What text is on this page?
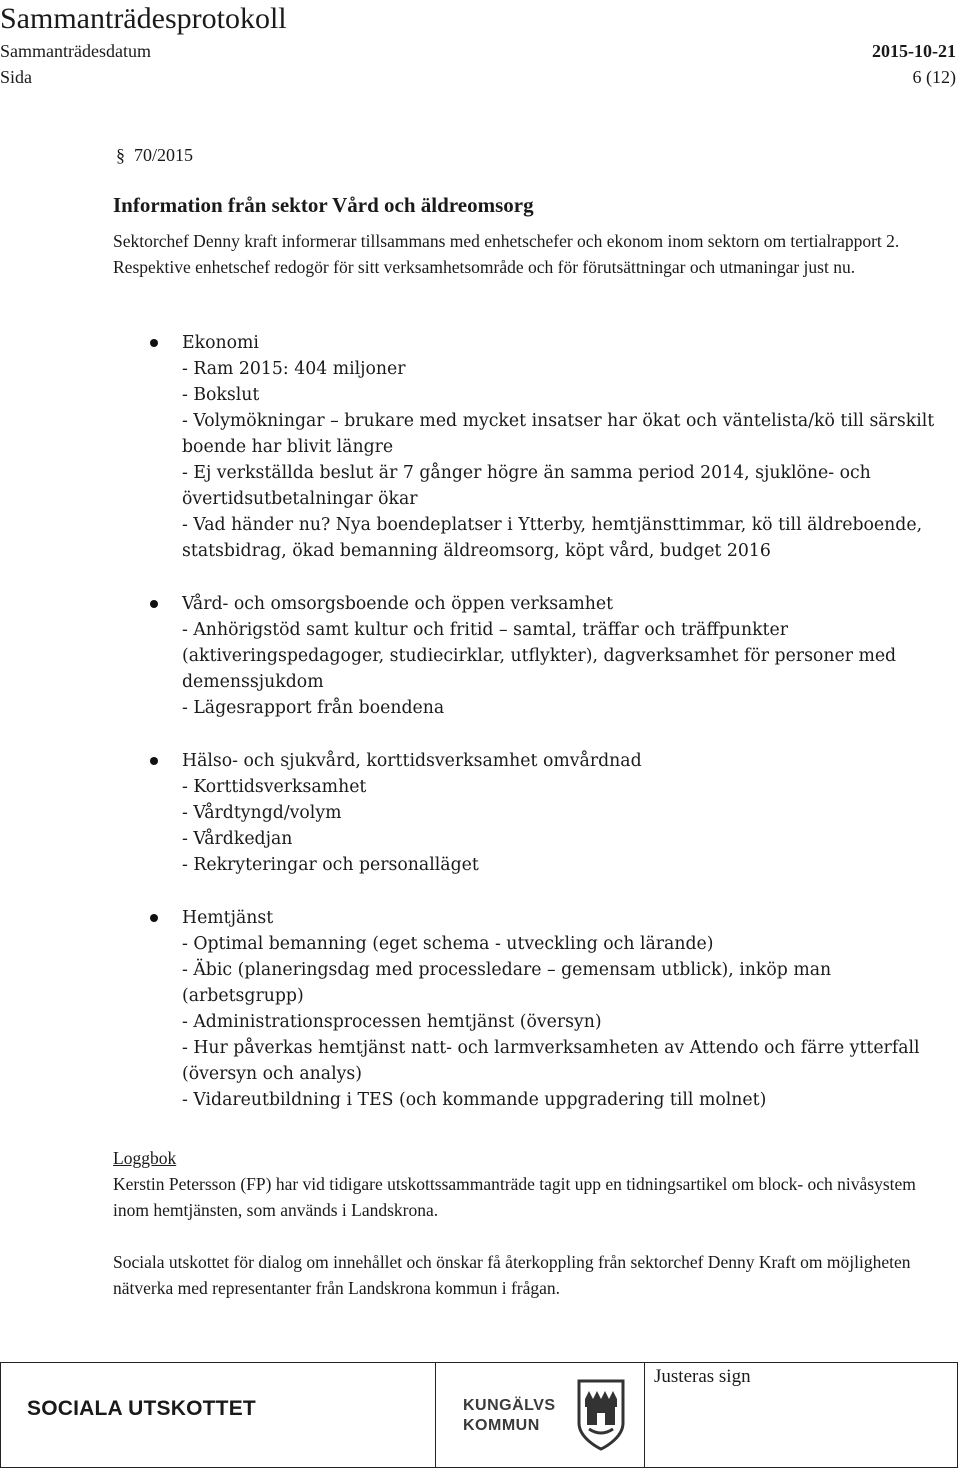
Sammanträdesprotokoll
Sammanträdesdatum	2015-10-21
Sida	6 (12)
§ 70/2015
Information från sektor Vård och äldreomsorg
Sektorchef Denny kraft informerar tillsammans med enhetschefer och ekonom inom sektorn om tertialrapport 2. Respektive enhetschef redogör för sitt verksamhetsområde och för förutsättningar och utmaningar just nu.
Ekonomi
- Ram 2015: 404 miljoner
- Bokslut
- Volymökningar – brukare med mycket insatser har ökat och väntelista/kö till särskilt boende har blivit längre
- Ej verkställda beslut är 7 gånger högre än samma period 2014, sjuklöne- och övertidsutbetalningar ökar
- Vad händer nu? Nya boendeplatser i Ytterby, hemtjänsttimmar, kö till äldreboende, statsbidrag, ökad bemanning äldreomsorg, köpt vård, budget 2016
Vård- och omsorgsboende och öppen verksamhet
- Anhörigstöd samt kultur och fritid – samtal, träffar och träffpunkter (aktiveringspedagoger, studiecirklar, utflykter), dagverksamhet för personer med demenssjukdom
- Lägesrapport från boendena
Hälso- och sjukvård, korttidsverksamhet omvårdnad
- Korttidsverksamhet
- Vårdtyngd/volym
- Vårdkedjan
- Rekryteringar och personalläget
Hemtjänst
- Optimal bemanning (eget schema - utveckling och lärande)
- Äbic (planeringsdag med processledare – gemensam utblick), inköp man (arbetsgrupp)
- Administrationsprocessen hemtjänst (översyn)
- Hur påverkas hemtjänst natt- och larmverksamheten av Attendo och färre ytterfall (översyn och analys)
- Vidareutbildning i TES (och kommande uppgradering till molnet)
Loggbok
Kerstin Petersson (FP) har vid tidigare utskottssammanträde tagit upp en tidningsartikel om block- och nivåsystem inom hemtjänsten, som används i Landskrona.
Sociala utskottet för dialog om innehållet och önskar få återkoppling från sektorchef Denny Kraft om möjligheten nätverka med representanter från Landskrona kommun i frågan.
SOCIALA UTSKOTTET	KUNGÄLVS
KOMMUN
Justeras sign
